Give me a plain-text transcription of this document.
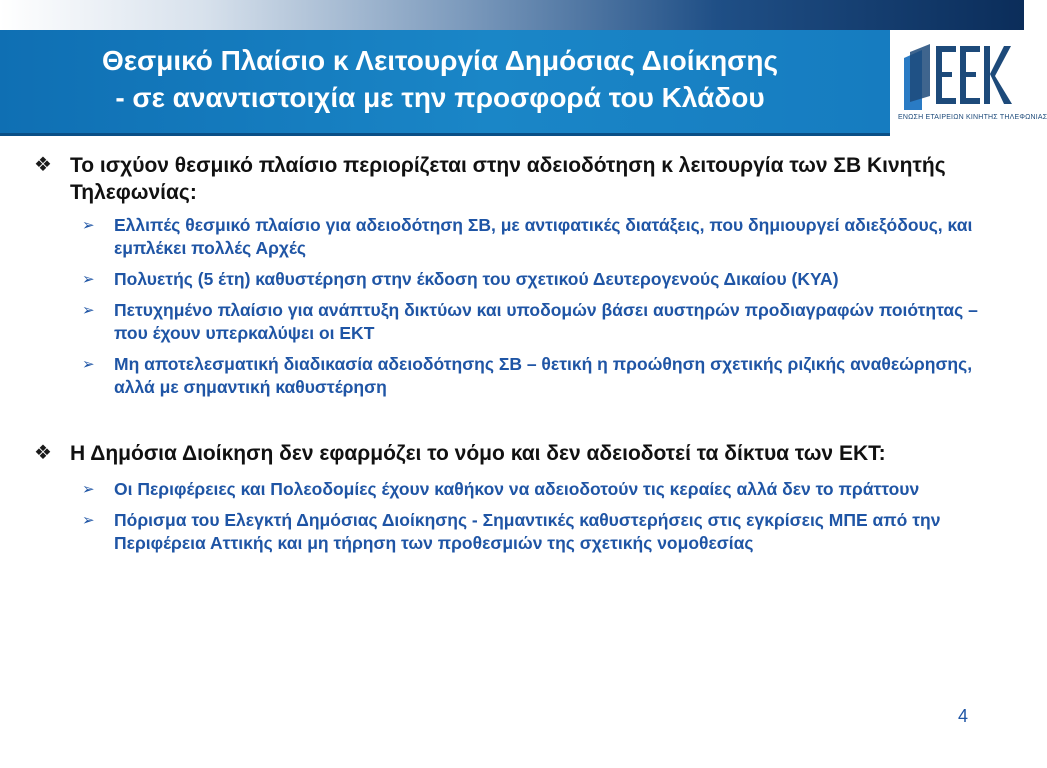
Θεσμικό Πλαίσιο κ Λειτουργία Δημόσιας Διοίκησης
- σε αναντιστοιχία με την προσφορά του Κλάδου
ΕΝΩΣΗ ΕΤΑΙΡΕΙΩΝ ΚΙΝΗΤΗΣ ΤΗΛΕΦΩΝΙΑΣ
❖ Το ισχύον θεσμικό πλαίσιο περιορίζεται στην αδειοδότηση κ λειτουργία των ΣΒ Κινητής Τηλεφωνίας:
➢ Ελλιπές θεσμικό πλαίσιο για αδειοδότηση ΣΒ, με αντιφατικές διατάξεις, που δημιουργεί αδιεξόδους, και εμπλέκει πολλές Αρχές
➢ Πολυετής (5 έτη) καθυστέρηση στην έκδοση του σχετικού Δευτερογενούς Δικαίου (ΚΥΑ)
➢ Πετυχημένο πλαίσιο για ανάπτυξη δικτύων και υποδομών βάσει αυστηρών προδιαγραφών ποιότητας – που έχουν υπερκαλύψει οι ΕΚΤ
➢ Μη αποτελεσματική διαδικασία αδειοδότησης ΣΒ – θετική η προώθηση σχετικής ριζικής αναθεώρησης, αλλά με σημαντική καθυστέρηση
❖ Η Δημόσια Διοίκηση δεν εφαρμόζει το νόμο και δεν αδειοδοτεί τα δίκτυα των ΕΚΤ:
➢ Οι Περιφέρειες και Πολεοδομίες έχουν καθήκον να αδειοδοτούν τις κεραίες αλλά δεν το πράττουν
➢ Πόρισμα του Ελεγκτή Δημόσιας Διοίκησης - Σημαντικές καθυστερήσεις στις εγκρίσεις ΜΠΕ από την Περιφέρεια Αττικής και μη τήρηση των προθεσμιών της σχετικής νομοθεσίας
4
